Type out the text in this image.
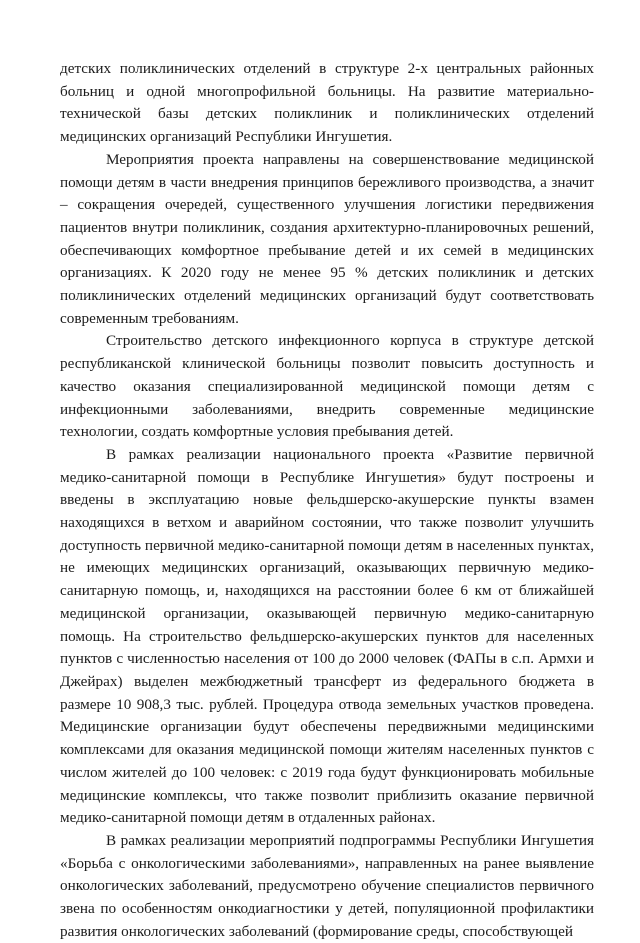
детских поликлинических отделений в структуре 2-х центральных районных больниц и одной многопрофильной больницы. На развитие материально-технической базы детских поликлиник и поликлинических отделений медицинских организаций Республики Ингушетия.

Мероприятия проекта направлены на совершенствование медицинской помощи детям в части внедрения принципов бережливого производства, а значит – сокращения очередей, существенного улучшения логистики передвижения пациентов внутри поликлиник, создания архитектурно-планировочных решений, обеспечивающих комфортное пребывание детей и их семей в медицинских организациях. К 2020 году не менее 95 % детских поликлиник и детских поликлинических отделений медицинских организаций будут соответствовать современным требованиям.

Строительство детского инфекционного корпуса в структуре детской республиканской клинической больницы позволит повысить доступность и качество оказания специализированной медицинской помощи детям с инфекционными заболеваниями, внедрить современные медицинские технологии, создать комфортные условия пребывания детей.

В рамках реализации национального проекта «Развитие первичной медико-санитарной помощи в Республике Ингушетия» будут построены и введены в эксплуатацию новые фельдшерско-акушерские пункты взамен находящихся в ветхом и аварийном состоянии, что также позволит улучшить доступность первичной медико-санитарной помощи детям в населенных пунктах, не имеющих медицинских организаций, оказывающих первичную медико-санитарную помощь, и, находящихся на расстоянии более 6 км от ближайшей медицинской организации, оказывающей первичную медико-санитарную помощь. На строительство фельдшерско-акушерских пунктов для населенных пунктов с численностью населения от 100 до 2000 человек (ФАПы в с.п. Армхи и Джейрах) выделен межбюджетный трансферт из федерального бюджета в размере 10 908,3 тыс. рублей. Процедура отвода земельных участков проведена. Медицинские организации будут обеспечены передвижными медицинскими комплексами для оказания медицинской помощи жителям населенных пунктов с числом жителей до 100 человек: с 2019 года будут функционировать мобильные медицинские комплексы, что также позволит приблизить оказание первичной медико-санитарной помощи детям в отдаленных районах.

В рамках реализации мероприятий подпрограммы Республики Ингушетия «Борьба с онкологическими заболеваниями», направленных на ранее выявление онкологических заболеваний, предусмотрено обучение специалистов первичного звена по особенностям онкодиагностики у детей, популяционной профилактики развития онкологических заболеваний (формирование среды, способствующей
